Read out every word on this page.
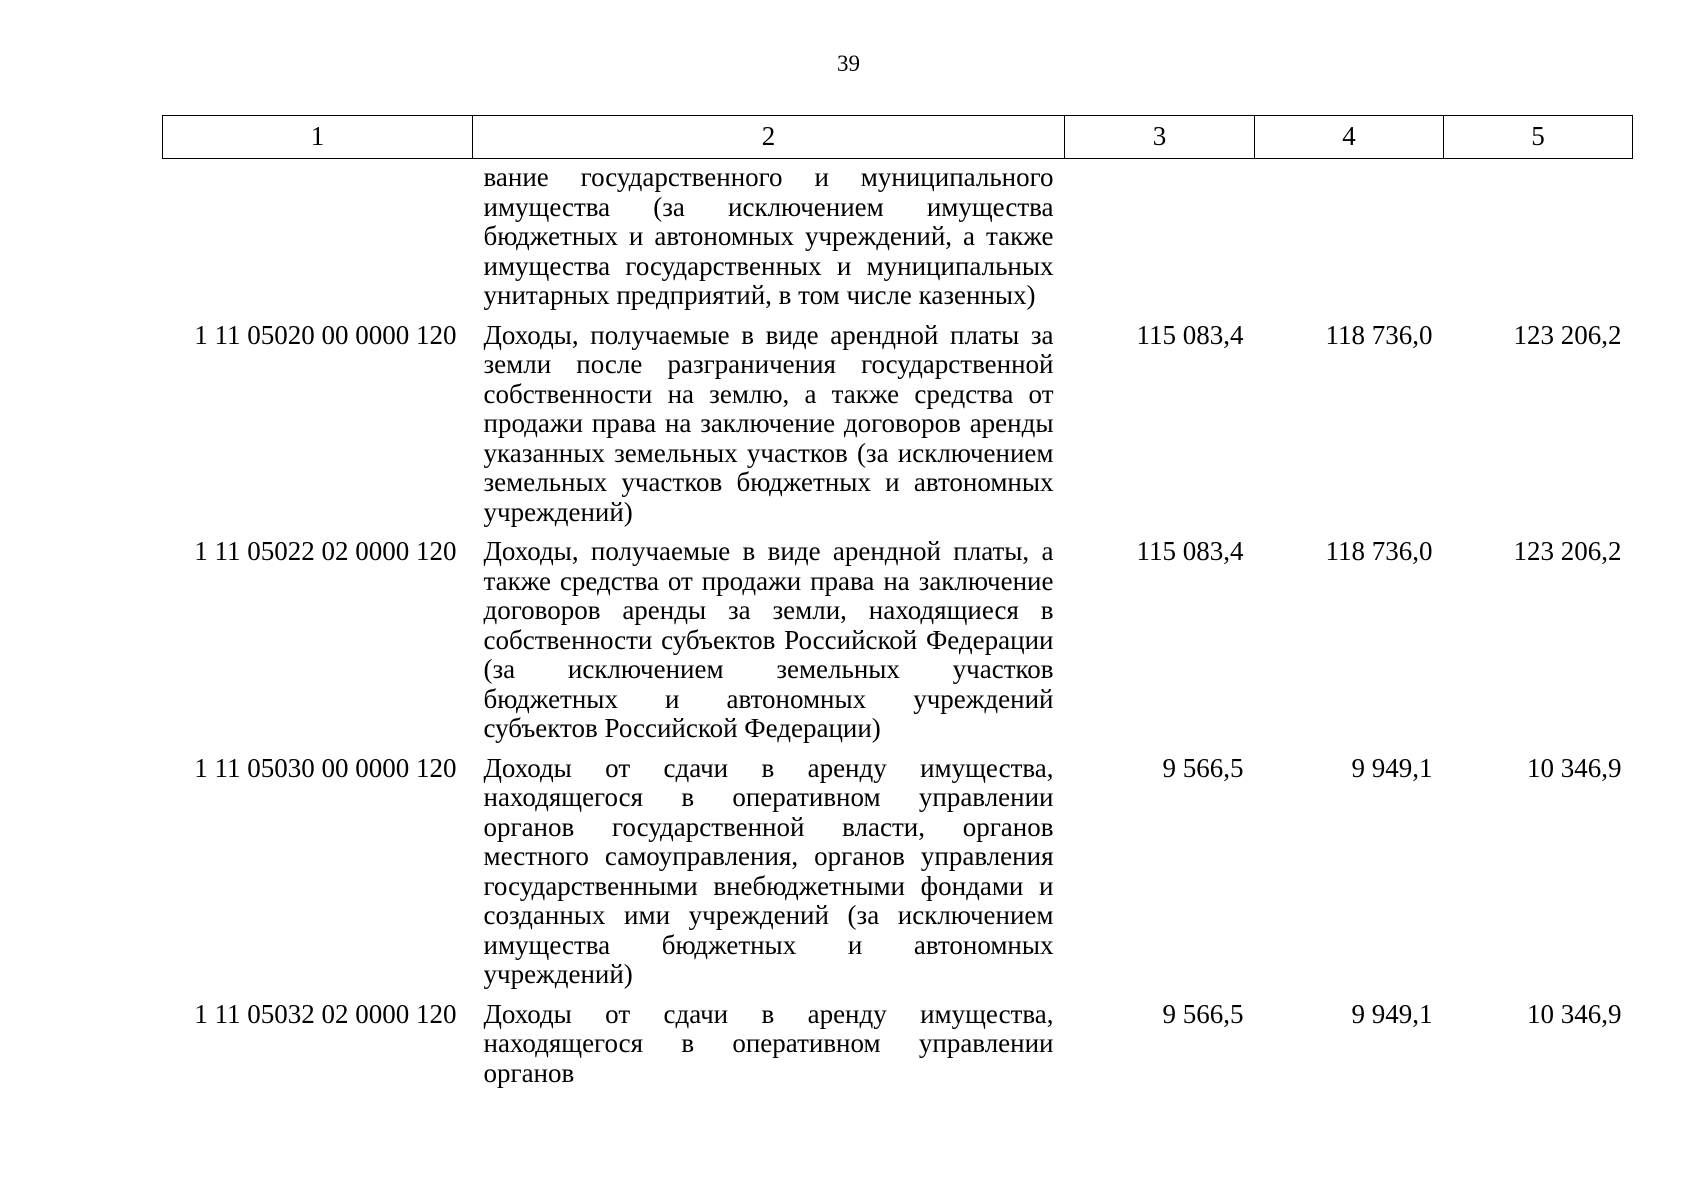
39
1	2	3	4	5
	вание государственного и муниципального имущества (за исключением имущества бюджетных и автономных учреждений, а также имущества государственных и муниципальных унитарных предприятий, в том числе казенных)			
1 11 05020 00 0000 120	Доходы, получаемые в виде арендной платы за земли после разграничения государственной собственности на землю, а также средства от продажи права на заключение договоров аренды указанных земельных участков (за исключением земельных участков бюджетных и автономных учреждений)	115 083,4	118 736,0	123 206,2
1 11 05022 02 0000 120	Доходы, получаемые в виде арендной платы, а также средства от продажи права на заключение договоров аренды за земли, находящиеся в собственности субъектов Российской Федерации (за исключением земельных участков бюджетных и автономных учреждений субъектов Российской Федерации)	115 083,4	118 736,0	123 206,2
1 11 05030 00 0000 120	Доходы от сдачи в аренду имущества, находящегося в оперативном управлении органов государственной власти, органов местного самоуправления, органов управления государственными внебюджетными фондами и созданных ими учреждений (за исключением имущества бюджетных и автономных учреждений)	9 566,5	9 949,1	10 346,9
1 11 05032 02 0000 120	Доходы от сдачи в аренду имущества, находящегося в оперативном управлении органов	9 566,5	9 949,1	10 346,9
